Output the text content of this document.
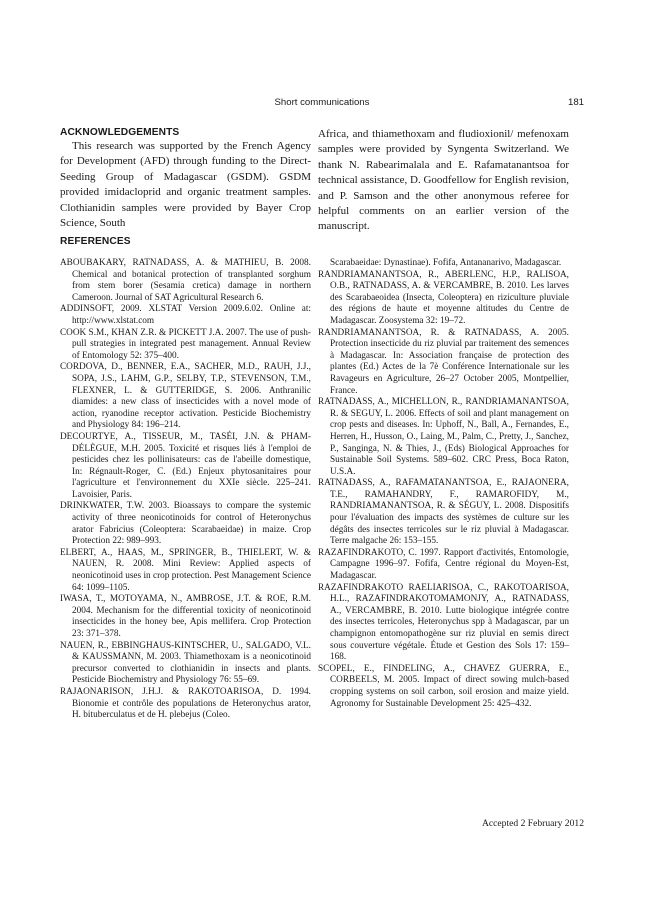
Short communications	181
ACKNOWLEDGEMENTS

This research was supported by the French Agency for Development (AFD) through funding to the Direct-Seeding Group of Madagascar (GSDM). GSDM provided imidacloprid and organic treatment samples. Clothianidin samples were provided by Bayer Crop Science, South

Africa, and thiamethoxam and fludioxionil/ mefenoxam samples were provided by Syngenta Switzerland. We thank N. Rabearimalala and E. Rafamatanantsoa for technical assistance, D. Goodfellow for English revision, and P. Samson and the other anonymous referee for helpful comments on an earlier version of the manuscript.

REFERENCES

ABOUBAKARY, RATNADASS, A. & MATHIEU, B. 2008. Chemical and botanical protection of transplanted sorghum from stem borer (Sesamia cretica) damage in northern Cameroon. Journal of SAT Agricultural Research 6.

ADDINSOFT, 2009. XLSTAT Version 2009.6.02. Online at: http://www.xlstat.com

COOK S.M., KHAN Z.R. & PICKETT J.A. 2007. The use of push-pull strategies in integrated pest management. Annual Review of Entomology 52: 375–400.

CORDOVA, D., BENNER, E.A., SACHER, M.D., RAUH, J.J., SOPA, J.S., LAHM, G.P., SELBY, T.P., STEVENSON, T.M., FLEXNER, L. & GUTTERIDGE, S. 2006. Anthranilic diamides: a new class of insecticides with a novel mode of action, ryanodine receptor activation. Pesticide Biochemistry and Physiology 84: 196–214.

DECOURTYE, A., TISSEUR, M., TASÉI, J.N. & PHAM-DÉLÈGUE, M.H. 2005. Toxicité et risques liés à l'emploi de pesticides chez les pollinisateurs: cas de l'abeille domestique, In: Régnault-Roger, C. (Ed.) Enjeux phytosanitaires pour l'agriculture et l'environnement du XXIe siècle. 225–241. Lavoisier, Paris.

DRINKWATER, T.W. 2003. Bioassays to compare the systemic activity of three neonicotinoids for control of Heteronychus arator Fabricius (Coleoptera: Scarabaeidae) in maize. Crop Protection 22: 989–993.

ELBERT, A., HAAS, M., SPRINGER, B., THIELERT, W. & NAUEN, R. 2008. Mini Review: Applied aspects of neonicotinoid uses in crop protection. Pest Management Science 64: 1099–1105.

IWASA, T., MOTOYAMA, N., AMBROSE, J.T. & ROE, R.M. 2004. Mechanism for the differential toxicity of neonicotinoid insecticides in the honey bee, Apis mellifera. Crop Protection 23: 371–378.

NAUEN, R., EBBINGHAUS-KINTSCHER, U., SALGADO, V.L. & KAUSSMANN, M. 2003. Thiamethoxam is a neonicotinoid precursor converted to clothianidin in insects and plants. Pesticide Biochemistry and Physiology 76: 55–69.

RAJAONARISON, J.H.J. & RAKOTOARISOA, D. 1994. Bionomie et contrôle des populations de Heteronychus arator, H. bituberculatus et de H. plebejus (Coleo.

Scarabaeidae: Dynastinae). Fofifa, Antananarivo, Madagascar.

RANDRIAMANANTSOA, R., ABERLENC, H.P., RALISOA, O.B., RATNADASS, A. & VERCAMBRE, B. 2010. Les larves des Scarabaeoidea (Insecta, Coleoptera) en riziculture pluviale des régions de haute et moyenne altitudes du Centre de Madagascar. Zoosystema 32: 19–72.

RANDRIAMANANTSOA, R. & RATNADASS, A. 2005. Protection insecticide du riz pluvial par traitement des semences à Madagascar. In: Association française de protection des plantes (Ed.) Actes de la 7è Conférence Internationale sur les Ravageurs en Agriculture, 26–27 October 2005, Montpellier, France.

RATNADASS, A., MICHELLON, R., RANDRIAMANANTSOA, R. & SEGUY, L. 2006. Effects of soil and plant management on crop pests and diseases. In: Uphoff, N., Ball, A., Fernandes, E., Herren, H., Husson, O., Laing, M., Palm, C., Pretty, J., Sanchez, P., Sanginga, N. & Thies, J., (Eds) Biological Approaches for Sustainable Soil Systems. 589–602. CRC Press, Boca Raton, U.S.A.

RATNADASS, A., RAFAMATANANTSOA, E., RAJAONERA, T.E., RAMAHANDRY, F., RAMAROFIDY, M., RANDRIAMANANTSOA, R. & SÉGUY, L. 2008. Dispositifs pour l'évaluation des impacts des systèmes de culture sur les dégâts des insectes terricoles sur le riz pluvial à Madagascar. Terre malgache 26: 153–155.

RAZAFINDRAKOTO, C. 1997. Rapport d'activités, Entomologie, Campagne 1996–97. Fofifa, Centre régional du Moyen-Est, Madagascar.

RAZAFINDRAKOTO RAELIARISOA, C., RAKOTOARISOA, H.L., RAZAFINDRAKOTOMAMONJY, A., RATNADASS, A., VERCAMBRE, B. 2010. Lutte biologique intégrée contre des insectes terricoles, Heteronychus spp à Madagascar, par un champignon entomopathogène sur riz pluvial en semis direct sous couverture végétale. Étude et Gestion des Sols 17: 159–168.

SCOPEL, E., FINDELING, A., CHAVEZ GUERRA, E., CORBEELS, M. 2005. Impact of direct sowing mulch-based cropping systems on soil carbon, soil erosion and maize yield. Agronomy for Sustainable Development 25: 425–432.

Accepted 2 February 2012
